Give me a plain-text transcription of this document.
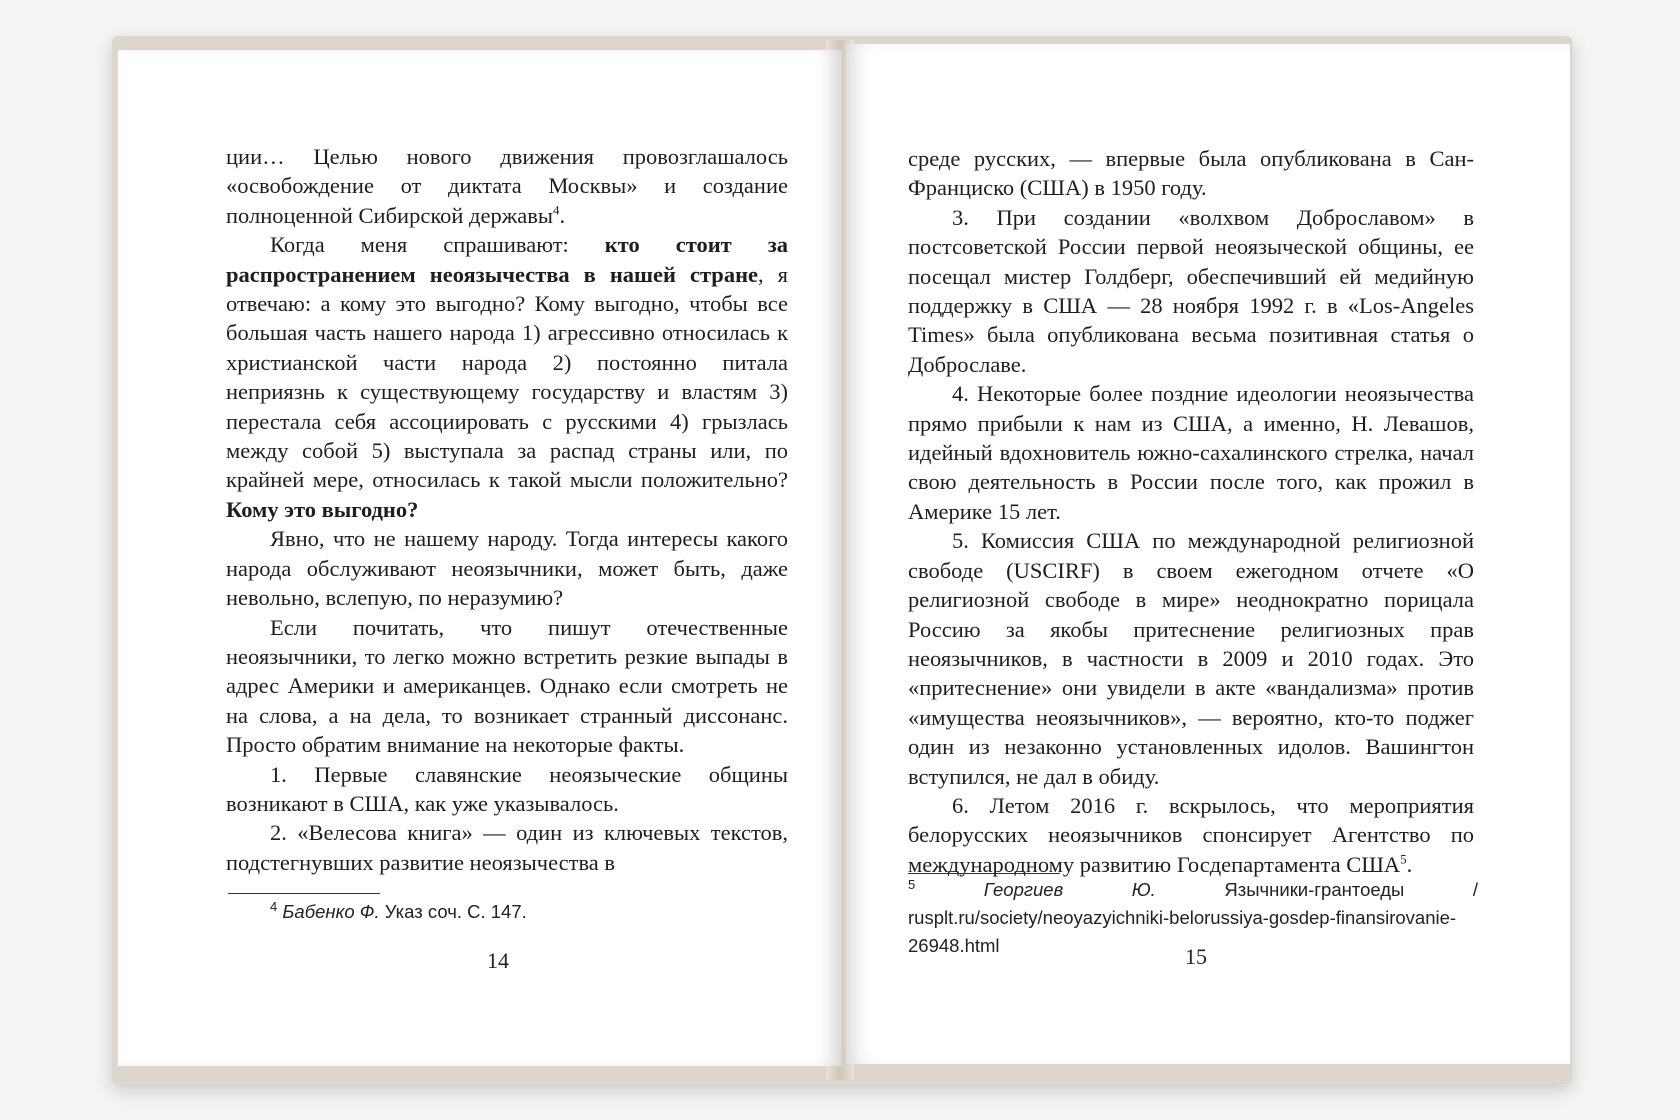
ции… Целью нового движения провозглашалось «освобождение от диктата Москвы» и создание полноценной Сибирской державы$^4$.

Когда меня спрашивают: кто стоит за распространением неоязычества в нашей стране, я отвечаю: а кому это выгодно? Кому выгодно, чтобы все большая часть нашего народа 1) агрессивно относилась к христианской части народа 2) постоянно питала неприязнь к существующему государству и властям 3) перестала себя ассоциировать с русскими 4) грызлась между собой 5) выступала за распад страны или, по крайней мере, относилась к такой мысли положительно? Кому это выгодно?

Явно, что не нашему народу. Тогда интересы какого народа обслуживают неоязычники, может быть, даже невольно, вслепую, по неразумию?

Если почитать, что пишут отечественные неоязычники, то легко можно встретить резкие выпады в адрес Америки и американцев. Однако если смотреть не на слова, а на дела, то возникает странный диссонанс. Просто обратим внимание на некоторые факты.

1. Первые славянские неоязыческие общины возникают в США, как уже указывалось.

2. «Велесова книга» — один из ключевых текстов, подстегнувших развитие неоязычества в

$^4$ Бабенко Ф. Указ соч. С. 147.
14

среде русских, — впервые была опубликована в Сан-Франциско (США) в 1950 году.

3. При создании «волхвом Доброславом» в постсоветской России первой неоязыческой общины, ее посещал мистер Голдберг, обеспечивший ей медийную поддержку в США — 28 ноября 1992 г. в «Los-Angeles Times» была опубликована весьма позитивная статья о Доброславе.

4. Некоторые более поздние идеологии неоязычества прямо прибыли к нам из США, а именно, Н. Левашов, идейный вдохновитель южно-сахалинского стрелка, начал свою деятельность в России после того, как прожил в Америке 15 лет.

5. Комиссия США по международной религиозной свободе (USCIRF) в своем ежегодном отчете «О религиозной свободе в мире» неоднократно порицала Россию за якобы притеснение религиозных прав неоязычников, в частности в 2009 и 2010 годах. Это «притеснение» они увидели в акте «вандализма» против «имущества неоязычников», — вероятно, кто-то поджег один из незаконно установленных идолов. Вашингтон вступился, не дал в обиду.

6. Летом 2016 г. вскрылось, что мероприятия белорусских неоязычников спонсирует Агентство по международному развитию Госдепартамента США$^5$.

$^5$	Георгиев Ю.	Язычники-грантоеды / rusplt.ru/society/neoyazyichniki-belorussiya-gosdep-finansirovanie-26948.html	15
